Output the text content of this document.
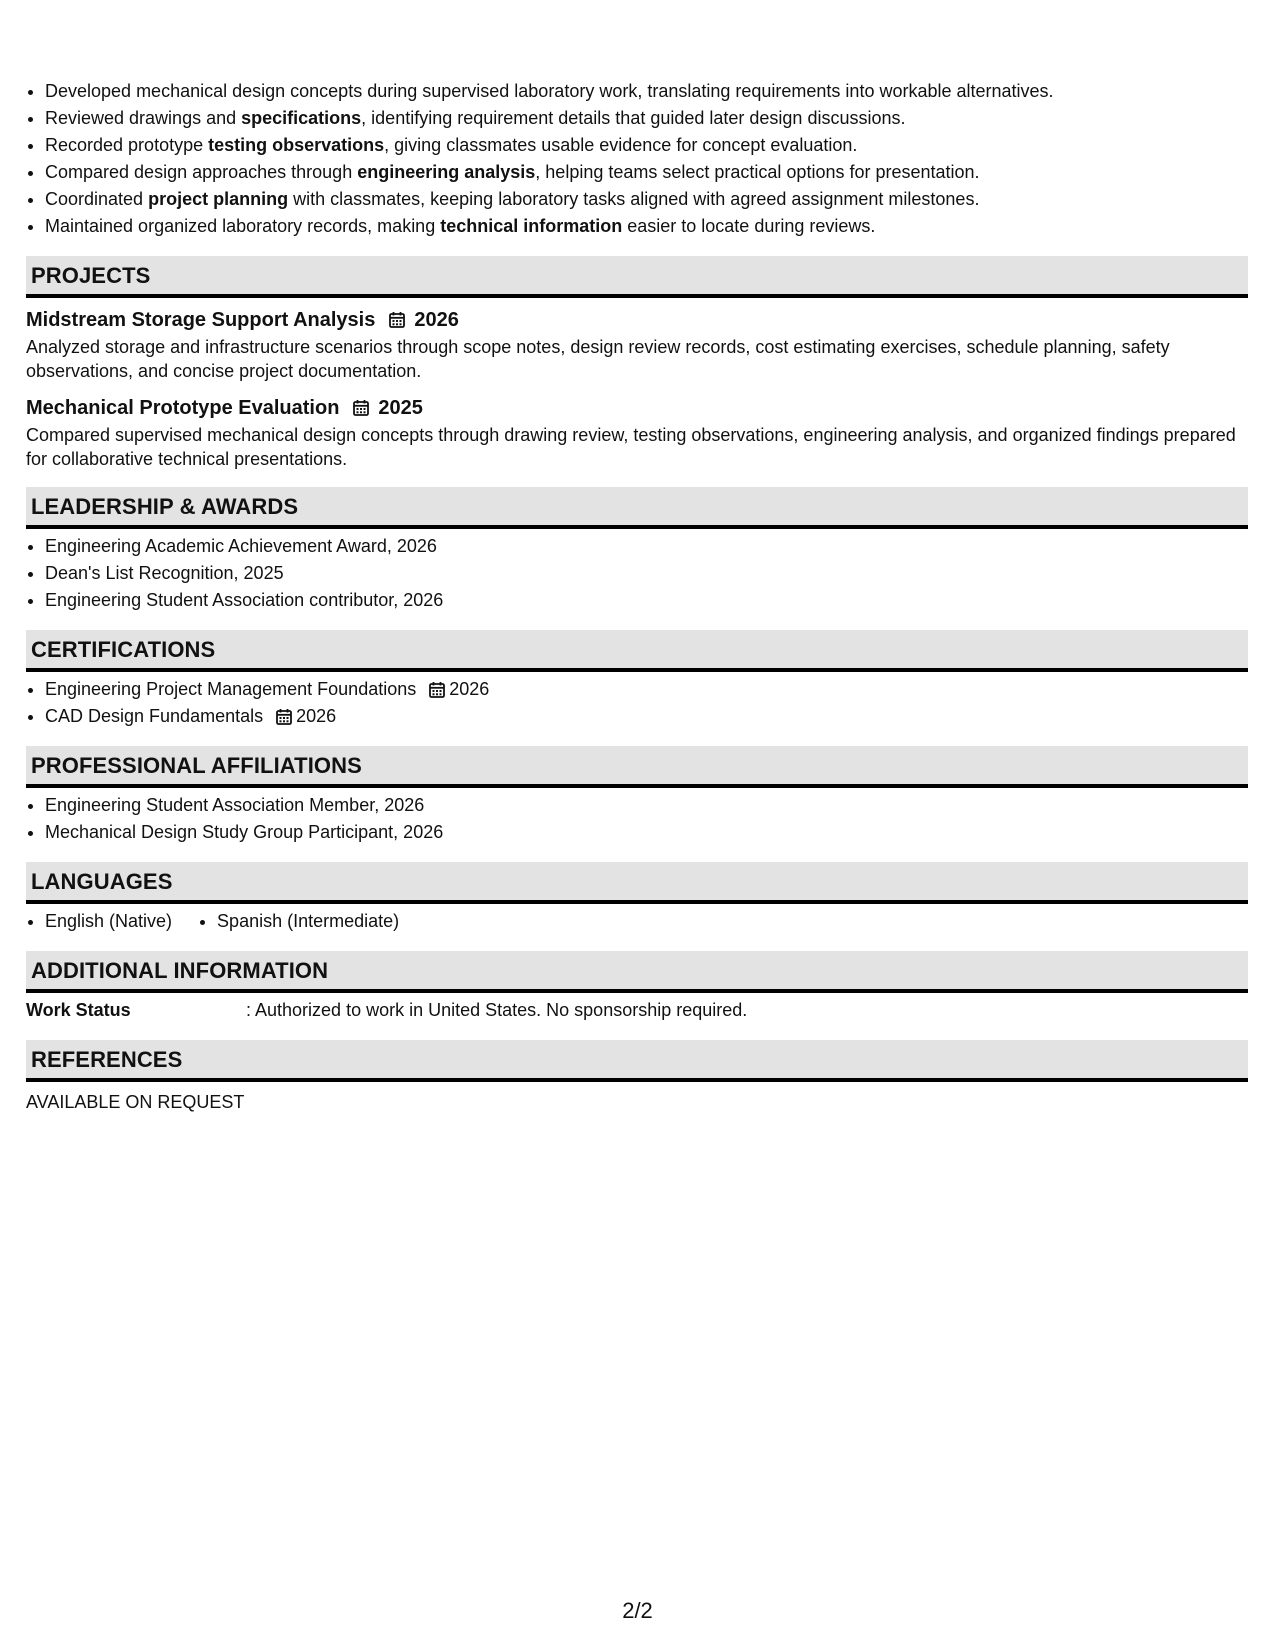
• Developed mechanical design concepts during supervised laboratory work, translating requirements into workable alternatives.
• Reviewed drawings and specifications, identifying requirement details that guided later design discussions.
• Recorded prototype testing observations, giving classmates usable evidence for concept evaluation.
• Compared design approaches through engineering analysis, helping teams select practical options for presentation.
• Coordinated project planning with classmates, keeping laboratory tasks aligned with agreed assignment milestones.
• Maintained organized laboratory records, making technical information easier to locate during reviews.
PROJECTS
Midstream Storage Support Analysis 2026
Analyzed storage and infrastructure scenarios through scope notes, design review records, cost estimating exercises, schedule planning, safety observations, and concise project documentation.
Mechanical Prototype Evaluation 2025
Compared supervised mechanical design concepts through drawing review, testing observations, engineering analysis, and organized findings prepared for collaborative technical presentations.
LEADERSHIP & AWARDS
• Engineering Academic Achievement Award, 2026
• Dean's List Recognition, 2025
• Engineering Student Association contributor, 2026
CERTIFICATIONS
• Engineering Project Management Foundations 2026
• CAD Design Fundamentals 2026
PROFESSIONAL AFFILIATIONS
• Engineering Student Association Member, 2026
• Mechanical Design Study Group Participant, 2026
LANGUAGES
• English (Native)
•	Spanish (Intermediate)
ADDITIONAL INFORMATION
Work Status	: Authorized to work in United States. No sponsorship required.
REFERENCES
AVAILABLE ON REQUEST
2/2
